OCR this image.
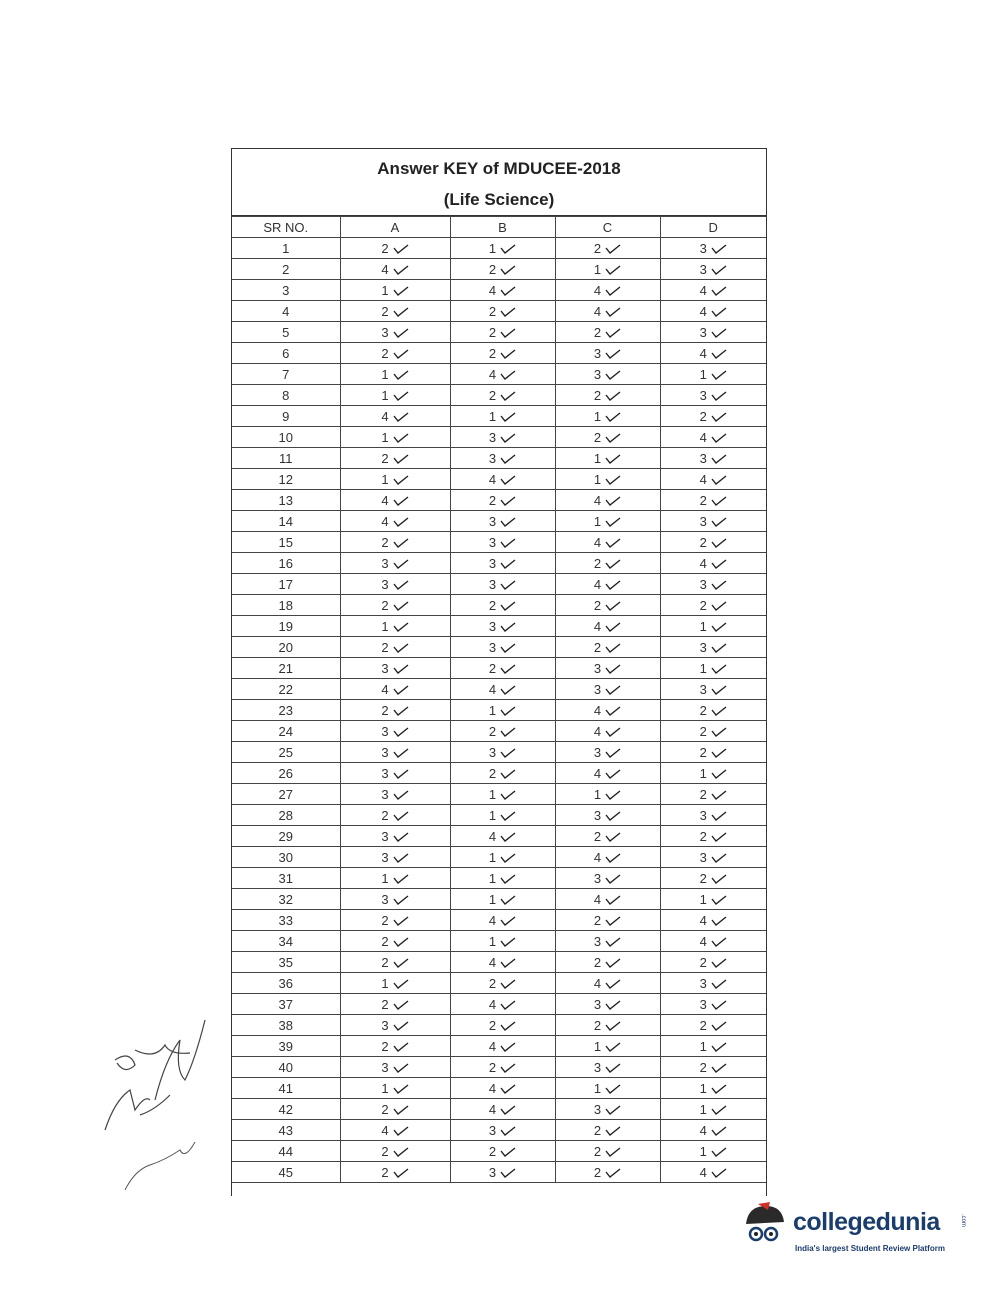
Answer KEY of MDUCEE-2018
(Life Science)
SR NO.	A	B	C	D
1	2	1	2	3
2	4	2	1	3
3	1	4	4	4
4	2	2	4	4
5	3	2	2	3
6	2	2	3	4
7	1	4	3	1
8	1	2	2	3
9	4	1	1	2
10	1	3	2	4
11	2	3	1	3
12	1	4	1	4
13	4	2	4	2
14	4	3	1	3
15	2	3	4	2
16	3	3	2	4
17	3	3	4	3
18	2	2	2	2
19	1	3	4	1
20	2	3	2	3
21	3	2	3	1
22	4	4	3	3
23	2	1	4	2
24	3	2	4	2
25	3	3	3	2
26	3	2	4	1
27	3	1	1	2
28	2	1	3	3
29	3	4	2	2
30	3	1	4	3
31	1	1	3	2
32	3	1	4	1
33	2	4	2	4
34	2	1	3	4
35	2	4	2	2
36	1	2	4	3
37	2	4	3	3
38	3	2	2	2
39	2	4	1	1
40	3	2	3	2
41	1	4	1	1
42	2	4	3	1
43	4	3	2	4
44	2	2	2	1
45	2	3	2	4
collegedunia	.com
India's largest Student Review Platform
